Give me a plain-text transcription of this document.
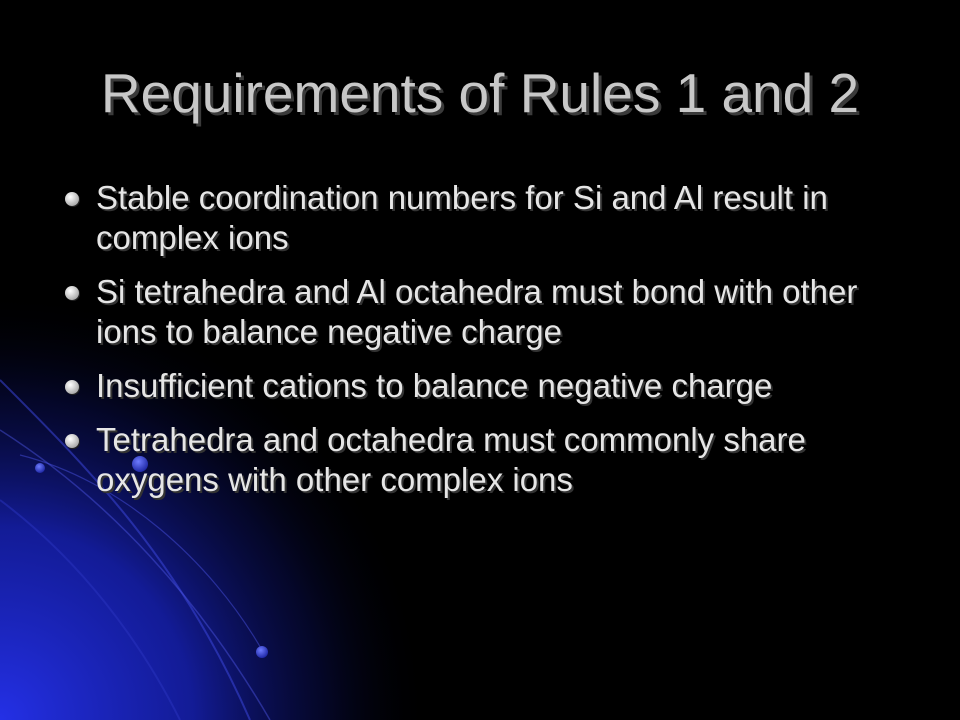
Requirements of Rules 1 and 2
Stable coordination numbers for Si and Al result in complex ions
Si tetrahedra and Al octahedra must bond with other ions to balance negative charge
Insufficient cations to balance negative charge
Tetrahedra and octahedra must commonly share oxygens with other complex ions
